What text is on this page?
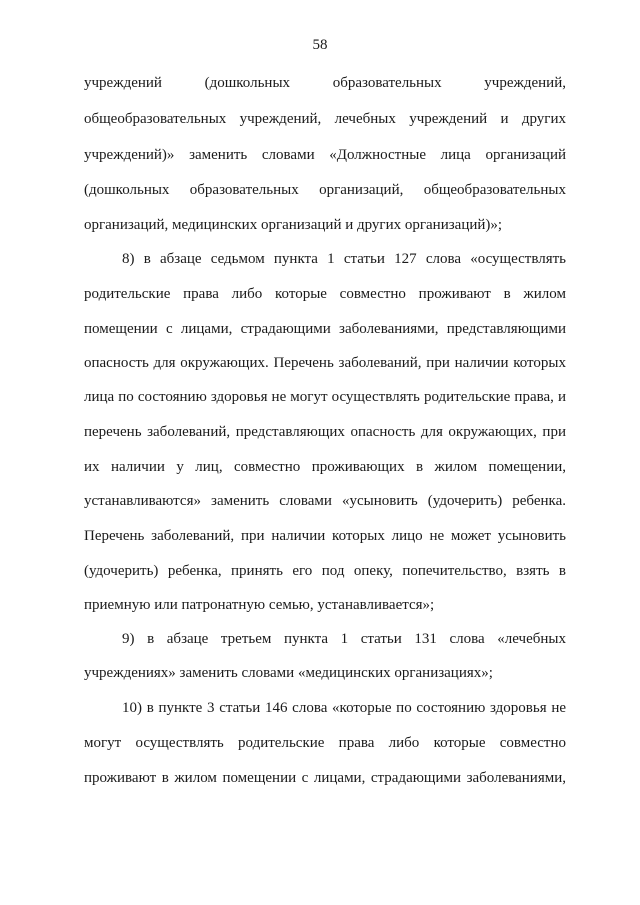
58
учреждений (дошкольных образовательных учреждений,
общеобразовательных учреждений, лечебных учреждений и других
учреждений)» заменить словами «Должностные лица организаций
(дошкольных образовательных организаций, общеобразовательных
организаций, медицинских организаций и других организаций)»;
8) в абзаце седьмом пункта 1 статьи 127 слова «осуществлять
родительские права либо которые совместно проживают в жилом
помещении с лицами, страдающими заболеваниями, представляющими
опасность для окружающих. Перечень заболеваний, при наличии которых
лица по состоянию здоровья не могут осуществлять родительские права, и
перечень заболеваний, представляющих опасность для окружающих, при
их наличии у лиц, совместно проживающих в жилом помещении,
устанавливаются» заменить словами «усыновить (удочерить) ребенка.
Перечень заболеваний, при наличии которых лицо не может усыновить
(удочерить) ребенка, принять его под опеку, попечительство, взять в
приемную или патронатную семью, устанавливается»;
9) в абзаце третьем пункта 1 статьи 131 слова «лечебных
учреждениях» заменить словами «медицинских организациях»;
10) в пункте 3 статьи 146 слова «которые по состоянию здоровья не
могут осуществлять родительские права либо которые совместно
проживают в жилом помещении с лицами, страдающими заболеваниями,
